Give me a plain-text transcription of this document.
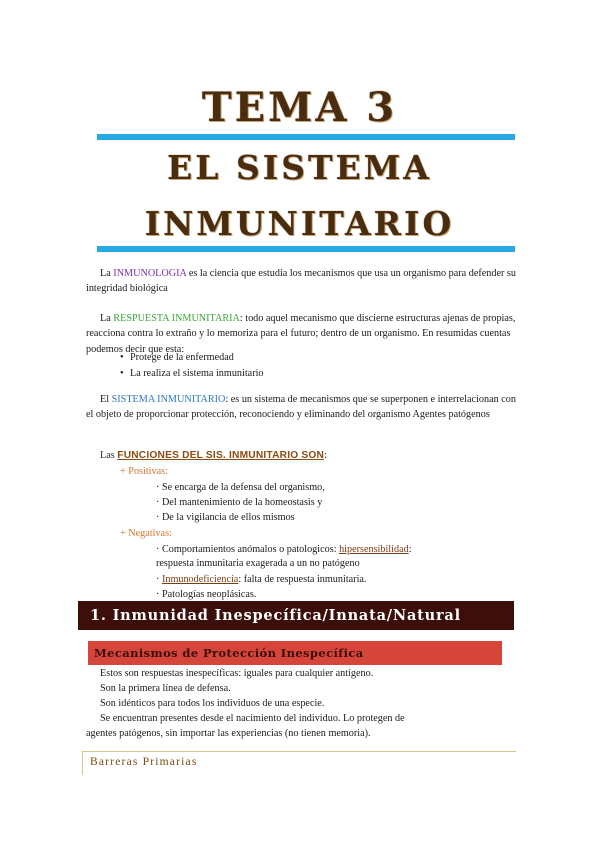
TEMA 3
EL SISTEMA
INMUNITARIO
La INMUNOLOGIA es la ciencia que estudia los mecanismos que usa un organismo para defender su integridad biológica
La RESPUESTA INMUNITARIA: todo aquel mecanismo que discierne estructuras ajenas de propias, reacciona contra lo extraño y lo memoriza para el futuro; dentro de un organismo. En resumidas cuentas podemos decir que esta:
• Protege de la enfermedad
• La realiza el sistema inmunitario
El SISTEMA INMUNITARIO: es un sistema de mecanismos que se superponen e interrelacionan con el objeto de proporcionar protección, reconociendo y eliminando del organismo Agentes patógenos
Las FUNCIONES DEL SIS. INMUNITARIO SON:
+ Positivas:
· Se encarga de la defensa del organismo,
· Del mantenimiento de la homeostasis y
· De la vigilancia de ellos mismos
+ Negativas:
· Comportamientos anómalos o patologicos: hipersensibilidad:
respuesta inmunitaria exagerada a un no patógeno
· Inmunodeficiencia: falta de respuesta inmunitaria.
· Patologías neoplásicas.
1. Inmunidad Inespecífica/Innata/Natural
Mecanismos de Protección Inespecífica
Estos son respuestas inespecíficas: iguales para cualquier antígeno.
Son la primera línea de defensa.
Son idénticos para todos los individuos de una especie.
Se encuentran presentes desde el nacimiento del individuo. Lo protegen de
agentes patógenos, sin importar las experiencias (no tienen memoria).
Barreras Primarias
